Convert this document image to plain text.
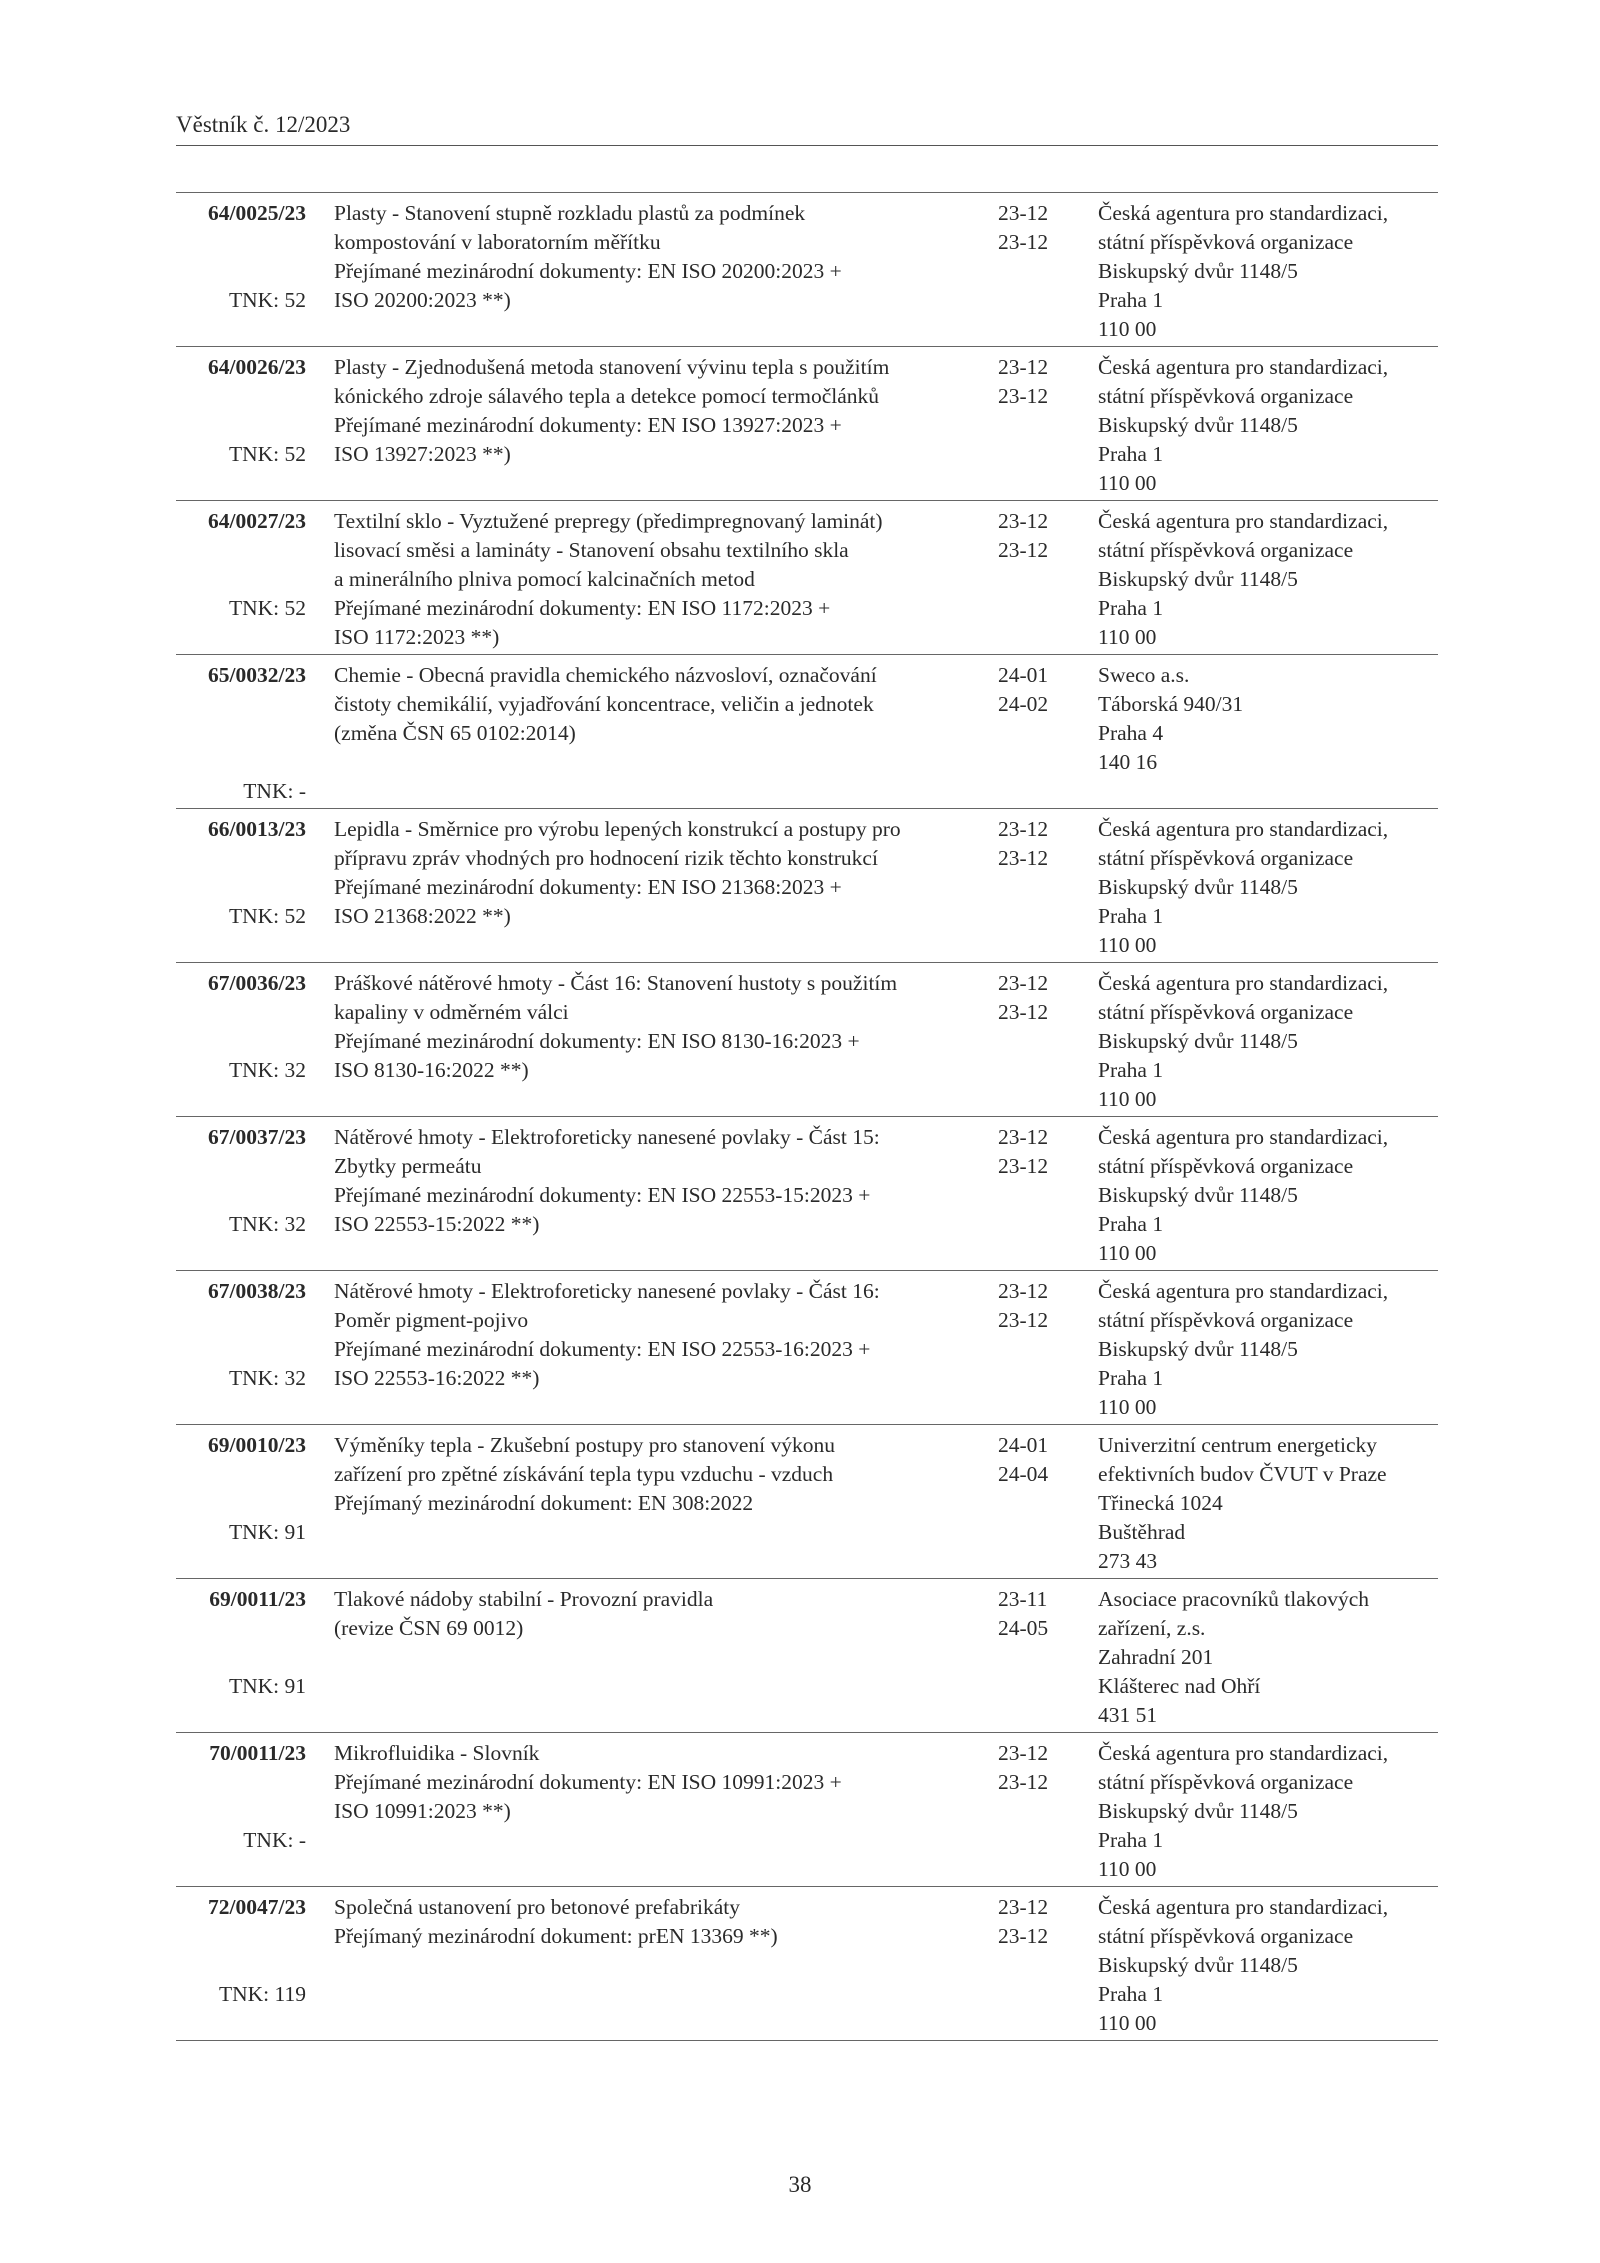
Věstník č. 12/2023
64/0025/23
TNK: 52
Plasty - Stanovení stupně rozkladu plastů za podmínek
kompostování v laboratorním měřítku
Přejímané mezinárodní dokumenty: EN ISO 20200:2023 +
ISO 20200:2023 **)
23-12
23-12
Česká agentura pro standardizaci,
státní příspěvková organizace
Biskupský dvůr 1148/5
Praha 1
110 00
64/0026/23
TNK: 52
Plasty - Zjednodušená metoda stanovení vývinu tepla s použitím
kónického zdroje sálavého tepla a detekce pomocí termočlánků
Přejímané mezinárodní dokumenty: EN ISO 13927:2023 +
ISO 13927:2023 **)
23-12
23-12
Česká agentura pro standardizaci,
státní příspěvková organizace
Biskupský dvůr 1148/5
Praha 1
110 00
64/0027/23
TNK: 52
Textilní sklo - Vyztužené prepregy (předimpregnovaný laminát)
lisovací směsi a lamináty - Stanovení obsahu textilního skla
a minerálního plniva pomocí kalcinačních metod
Přejímané mezinárodní dokumenty: EN ISO 1172:2023 +
ISO 1172:2023 **)
23-12
23-12
Česká agentura pro standardizaci,
státní příspěvková organizace
Biskupský dvůr 1148/5
Praha 1
110 00
65/0032/23
TNK: -
Chemie - Obecná pravidla chemického názvosloví, označování
čistoty chemikálií, vyjadřování koncentrace, veličin a jednotek
(změna ČSN 65 0102:2014)
24-01
24-02
Sweco a.s.
Táborská 940/31
Praha 4
140 16
66/0013/23
TNK: 52
Lepidla - Směrnice pro výrobu lepených konstrukcí a postupy pro
přípravu zpráv vhodných pro hodnocení rizik těchto konstrukcí
Přejímané mezinárodní dokumenty: EN ISO 21368:2023 +
ISO 21368:2022 **)
23-12
23-12
Česká agentura pro standardizaci,
státní příspěvková organizace
Biskupský dvůr 1148/5
Praha 1
110 00
67/0036/23
TNK: 32
Práškové nátěrové hmoty - Část 16: Stanovení hustoty s použitím
kapaliny v odměrném válci
Přejímané mezinárodní dokumenty: EN ISO 8130-16:2023 +
ISO 8130-16:2022 **)
23-12
23-12
Česká agentura pro standardizaci,
státní příspěvková organizace
Biskupský dvůr 1148/5
Praha 1
110 00
67/0037/23
TNK: 32
Nátěrové hmoty - Elektroforeticky nanesené povlaky - Část 15:
Zbytky permeátu
Přejímané mezinárodní dokumenty: EN ISO 22553-15:2023 +
ISO 22553-15:2022 **)
23-12
23-12
Česká agentura pro standardizaci,
státní příspěvková organizace
Biskupský dvůr 1148/5
Praha 1
110 00
67/0038/23
TNK: 32
Nátěrové hmoty - Elektroforeticky nanesené povlaky - Část 16:
Poměr pigment-pojivo
Přejímané mezinárodní dokumenty: EN ISO 22553-16:2023 +
ISO 22553-16:2022 **)
23-12
23-12
Česká agentura pro standardizaci,
státní příspěvková organizace
Biskupský dvůr 1148/5
Praha 1
110 00
69/0010/23
TNK: 91
Výměníky tepla - Zkušební postupy pro stanovení výkonu
zařízení pro zpětné získávání tepla typu vzduchu - vzduch
Přejímaný mezinárodní dokument: EN 308:2022
24-01
24-04
Univerzitní centrum energeticky
efektivních budov ČVUT v Praze
Třinecká 1024
Buštěhrad
273 43
69/0011/23
TNK: 91
Tlakové nádoby stabilní - Provozní pravidla
(revize ČSN 69 0012)
23-11
24-05
Asociace pracovníků tlakových
zařízení, z.s.
Zahradní 201
Klášterec nad Ohří
431 51
70/0011/23
TNK: -
Mikrofluidika - Slovník
Přejímané mezinárodní dokumenty: EN ISO 10991:2023 +
ISO 10991:2023 **)
23-12
23-12
Česká agentura pro standardizaci,
státní příspěvková organizace
Biskupský dvůr 1148/5
Praha 1
110 00
72/0047/23
TNK: 119
Společná ustanovení pro betonové prefabrikáty
Přejímaný mezinárodní dokument: prEN 13369 **)
23-12
23-12
Česká agentura pro standardizaci,
státní příspěvková organizace
Biskupský dvůr 1148/5
Praha 1
110 00
38
